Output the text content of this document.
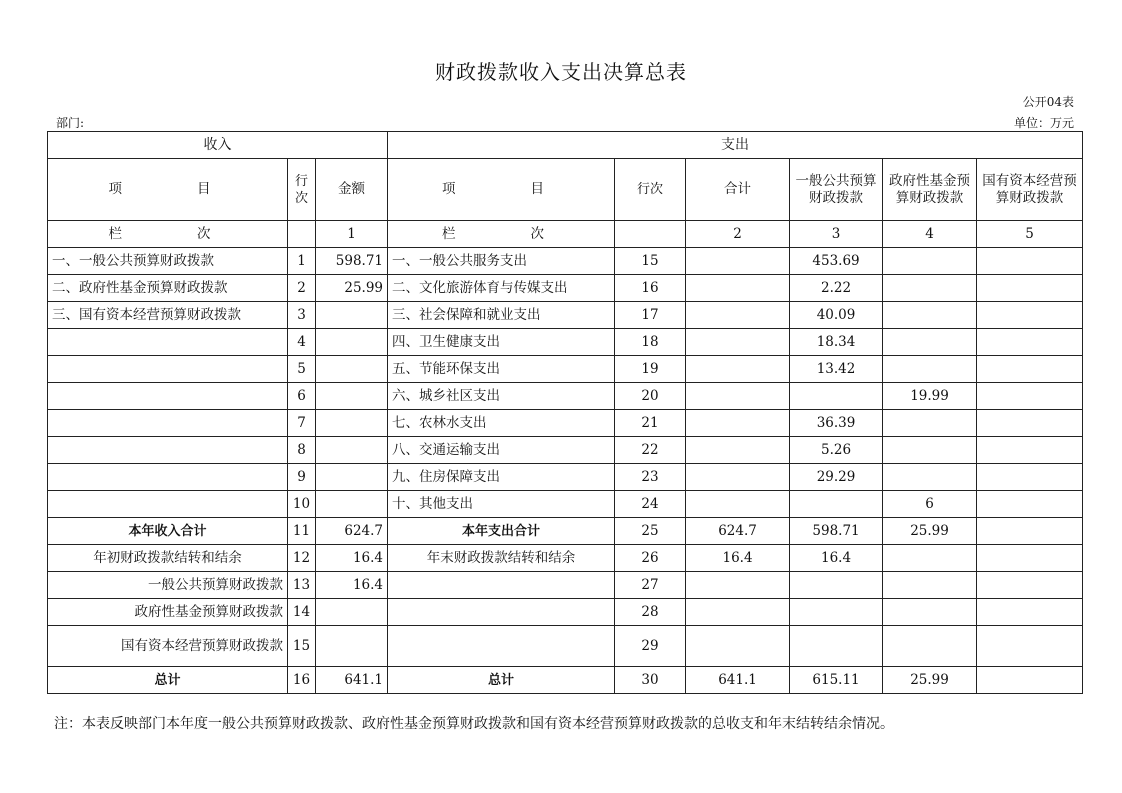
财政拨款收入支出决算总表
公开04表
部门:	单位：万元
收入			支出					
项　　目	行次	金额	项　　目	行次	合计	一般公共预算财政拨款	政府性基金预算财政拨款	国有资本经营预算财政拨款
栏　　次		1	栏　　次		2	3	4	5
一、一般公共预算财政拨款	1	598.71	一、一般公共服务支出	15		453.69		
二、政府性基金预算财政拨款	2	25.99	二、文化旅游体育与传媒支出	16		2.22		
三、国有资本经营预算财政拨款	3		三、社会保障和就业支出	17		40.09		
	4		四、卫生健康支出	18		18.34		
	5		五、节能环保支出	19		13.42		
	6		六、城乡社区支出	20			19.99	
	7		七、农林水支出	21		36.39		
	8		八、交通运输支出	22		5.26		
	9		九、住房保障支出	23		29.29		
	10		十、其他支出	24			6	
本年收入合计	11	624.7	本年支出合计	25	624.7	598.71	25.99	
年初财政拨款结转和结余	12	16.4	年末财政拨款结转和结余	26	16.4	16.4		
一般公共预算财政拨款	13	16.4		27				
政府性基金预算财政拨款	14			28				
国有资本经营预算财政拨款	15			29				
总计	16	641.1	总计	30	641.1	615.11	25.99	
注：本表反映部门本年度一般公共预算财政拨款、政府性基金预算财政拨款和国有资本经营预算财政拨款的总收支和年末结转结余情况。
